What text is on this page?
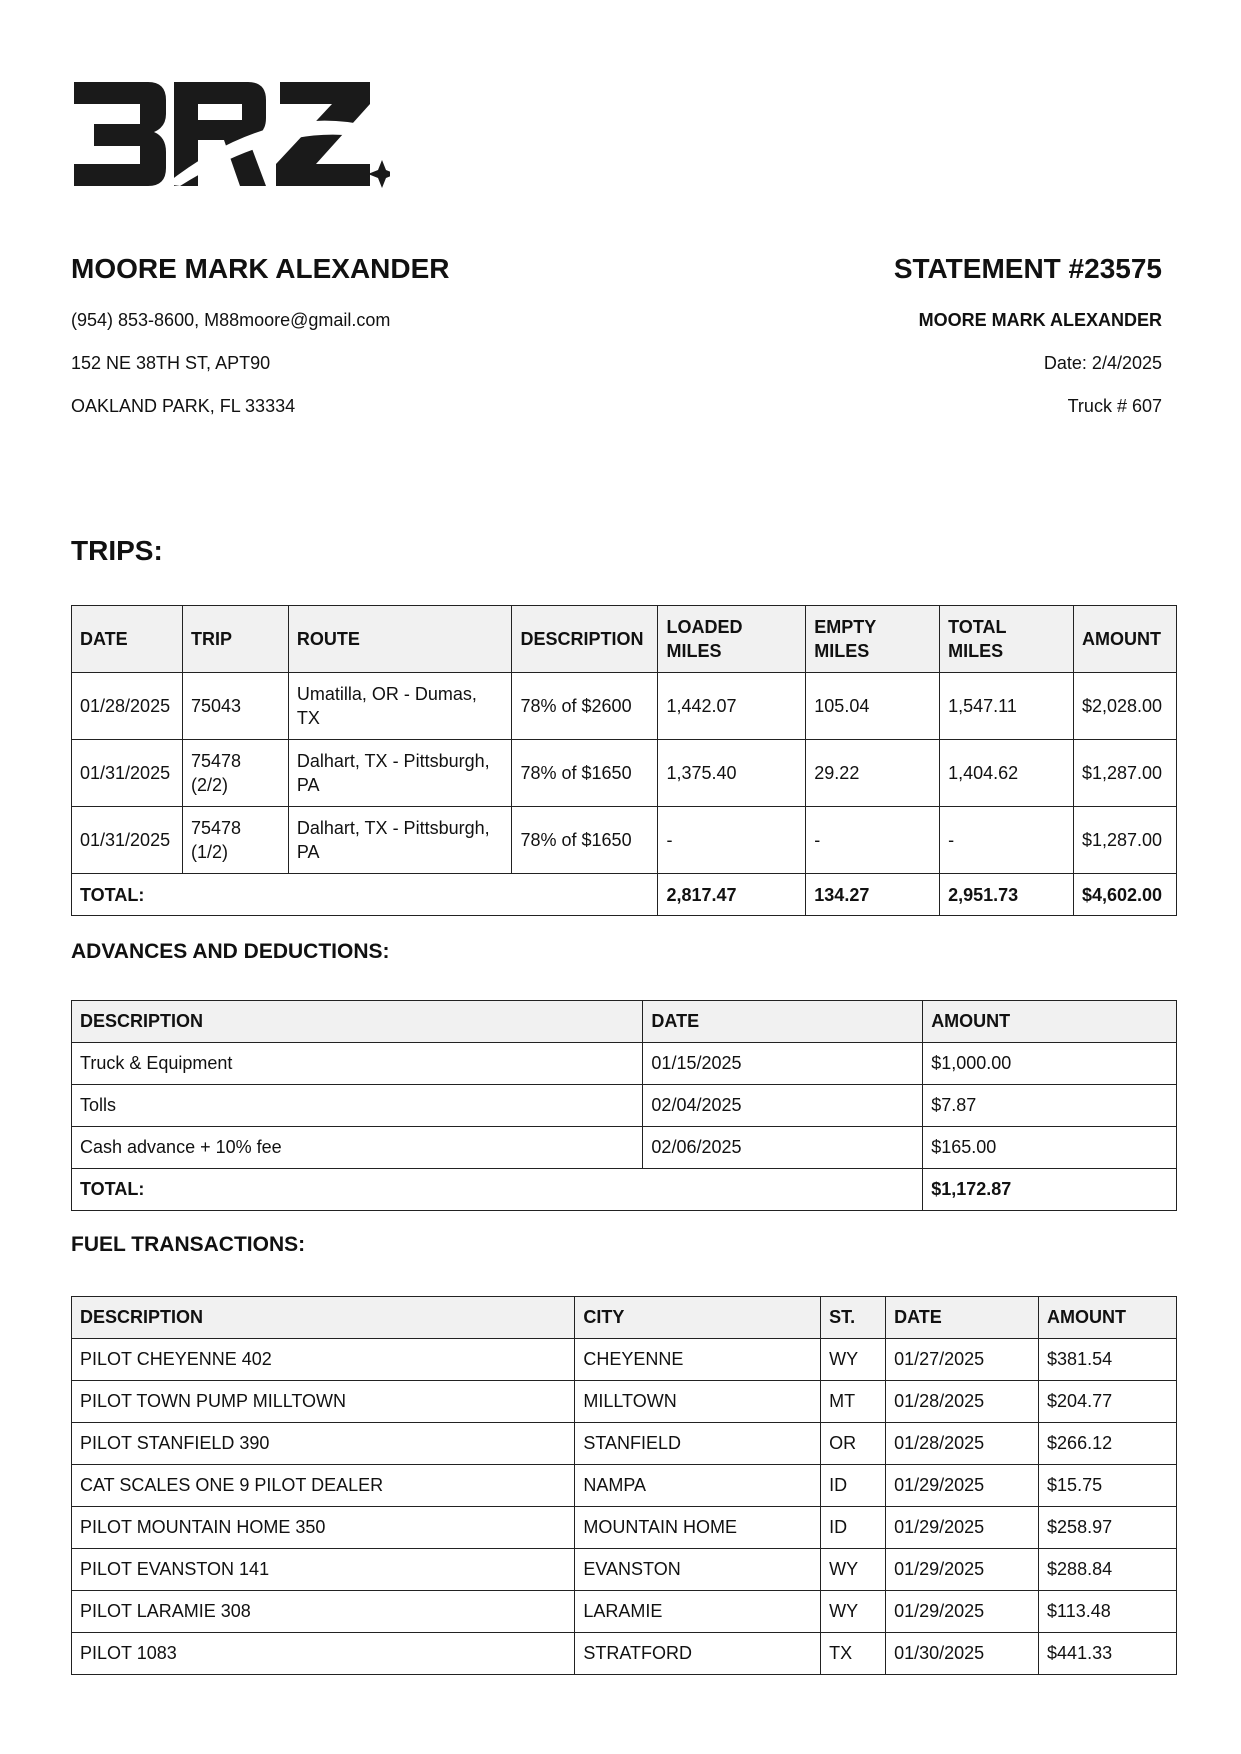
MOORE MARK ALEXANDER
(954) 853-8600, M88moore@gmail.com
152 NE 38TH ST, APT90
OAKLAND PARK, FL 33334
STATEMENT #23575
MOORE MARK ALEXANDER
Date: 2/4/2025
Truck # 607
TRIPS:
DATE	TRIP	ROUTE	DESCRIPTION	LOADED MILES	EMPTY MILES	TOTAL MILES	AMOUNT
01/28/2025	75043	Umatilla, OR - Dumas, TX	78% of $2600	1,442.07	105.04	1,547.11	$2,028.00
01/31/2025	75478 (2/2)	Dalhart, TX - Pittsburgh, PA	78% of $1650	1,375.40	29.22	1,404.62	$1,287.00
01/31/2025	75478 (1/2)	Dalhart, TX - Pittsburgh, PA	78% of $1650	-	-	-	$1,287.00
TOTAL:				2,817.47	134.27	2,951.73	$4,602.00
ADVANCES AND DEDUCTIONS:
DESCRIPTION	DATE	AMOUNT
Truck & Equipment	01/15/2025	$1,000.00
Tolls	02/04/2025	$7.87
Cash advance + 10% fee	02/06/2025	$165.00
TOTAL:		$1,172.87
FUEL TRANSACTIONS:
DESCRIPTION	CITY	ST.	DATE	AMOUNT
PILOT CHEYENNE 402	CHEYENNE	WY	01/27/2025	$381.54
PILOT TOWN PUMP MILLTOWN	MILLTOWN	MT	01/28/2025	$204.77
PILOT STANFIELD 390	STANFIELD	OR	01/28/2025	$266.12
CAT SCALES ONE 9 PILOT DEALER	NAMPA	ID	01/29/2025	$15.75
PILOT MOUNTAIN HOME 350	MOUNTAIN HOME	ID	01/29/2025	$258.97
PILOT EVANSTON 141	EVANSTON	WY	01/29/2025	$288.84
PILOT LARAMIE 308	LARAMIE	WY	01/29/2025	$113.48
PILOT 1083	STRATFORD	TX	01/30/2025	$441.33
